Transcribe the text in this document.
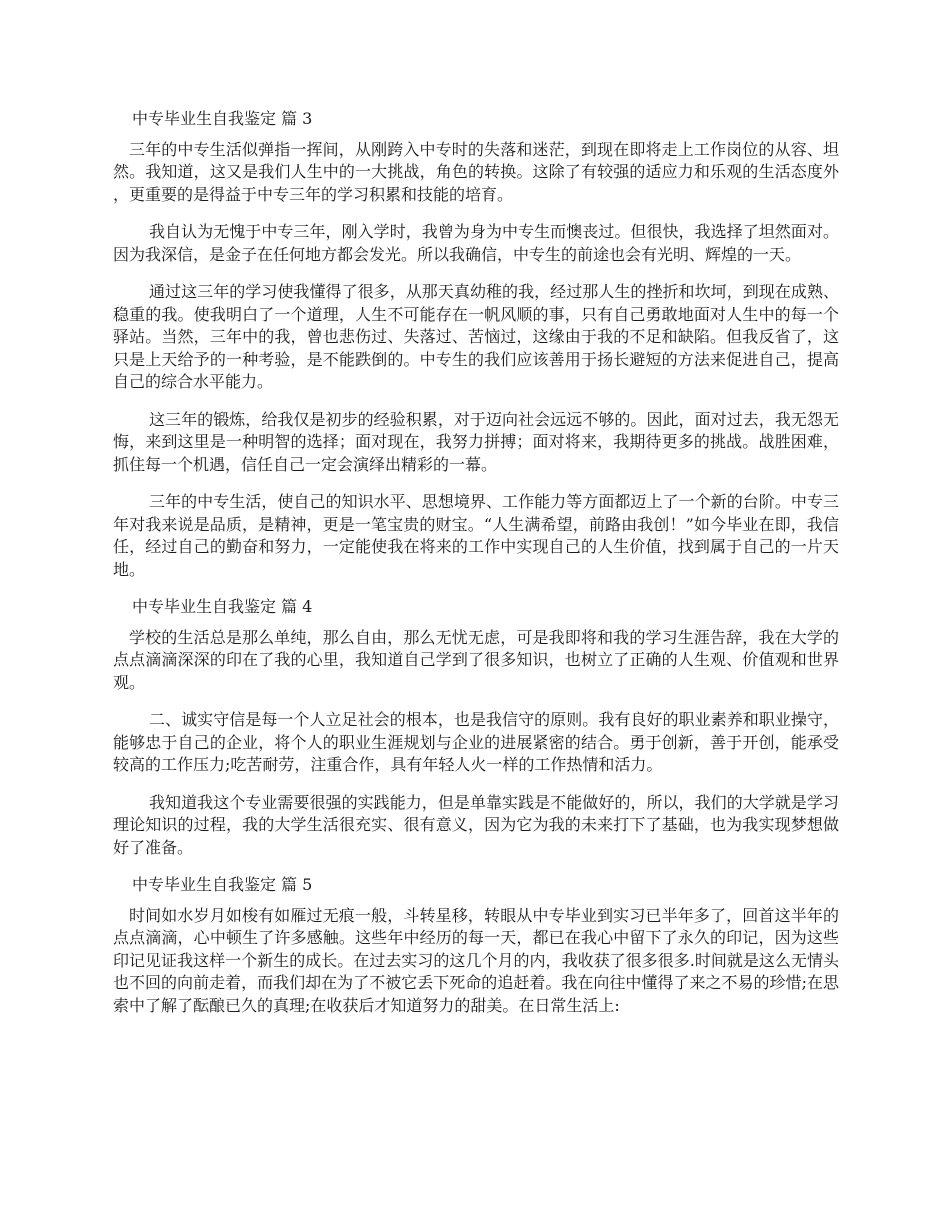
中专毕业生自我鉴定 篇 3

三年的中专生活似弹指一挥间，从刚跨入中专时的失落和迷茫，到现在即将走上工作岗位的从容、坦然。我知道，这又是我们人生中的一大挑战，角色的转换。这除了有较强的适应力和乐观的生活态度外，更重要的是得益于中专三年的学习积累和技能的培育。

我自认为无愧于中专三年，刚入学时，我曾为身为中专生而懊丧过。但很快，我选择了坦然面对。因为我深信，是金子在任何地方都会发光。所以我确信，中专生的前途也会有光明、辉煌的一天。

通过这三年的学习使我懂得了很多，从那天真幼稚的我，经过那人生的挫折和坎坷，到现在成熟、稳重的我。使我明白了一个道理，人生不可能存在一帆风顺的事，只有自己勇敢地面对人生中的每一个驿站。当然，三年中的我，曾也悲伤过、失落过、苦恼过，这缘由于我的不足和缺陷。但我反省了，这只是上天给予的一种考验，是不能跌倒的。中专生的我们应该善用于扬长避短的方法来促进自己，提高自己的综合水平能力。

这三年的锻炼，给我仅是初步的经验积累，对于迈向社会远远不够的。因此，面对过去，我无怨无悔，来到这里是一种明智的选择；面对现在，我努力拼搏；面对将来，我期待更多的挑战。战胜困难，抓住每一个机遇，信任自己一定会演绎出精彩的一幕。

三年的中专生活，使自己的知识水平、思想境界、工作能力等方面都迈上了一个新的台阶。中专三年对我来说是品质，是精神，更是一笔宝贵的财宝。“人生满希望，前路由我创！”如今毕业在即，我信任，经过自己的勤奋和努力，一定能使我在将来的工作中实现自己的人生价值，找到属于自己的一片天地。

中专毕业生自我鉴定 篇 4

学校的生活总是那么单纯，那么自由，那么无忧无虑，可是我即将和我的学习生涯告辞，我在大学的点点滴滴深深的印在了我的心里，我知道自己学到了很多知识，也树立了正确的人生观、价值观和世界观。

二、诚实守信是每一个人立足社会的根本，也是我信守的原则。我有良好的职业素养和职业操守，能够忠于自己的企业，将个人的职业生涯规划与企业的进展紧密的结合。勇于创新，善于开创，能承受较高的工作压力;吃苦耐劳，注重合作，具有年轻人火一样的工作热情和活力。

我知道我这个专业需要很强的实践能力，但是单靠实践是不能做好的，所以，我们的大学就是学习理论知识的过程，我的大学生活很充实、很有意义，因为它为我的未来打下了基础，也为我实现梦想做好了准备。

中专毕业生自我鉴定 篇 5

时间如水岁月如梭有如雁过无痕一般，斗转星移，转眼从中专毕业到实习已半年多了，回首这半年的点点滴滴，心中顿生了许多感触。这些年中经历的每一天，都已在我心中留下了永久的印记，因为这些印记见证我这样一个新生的成长。在过去实习的这几个月的内，我收获了很多很多.时间就是这么无情头也不回的向前走着，而我们却在为了不被它丢下死命的追赶着。我在向往中懂得了来之不易的珍惜;在思索中了解了酝酿已久的真理;在收获后才知道努力的甜美。在日常生活上:
